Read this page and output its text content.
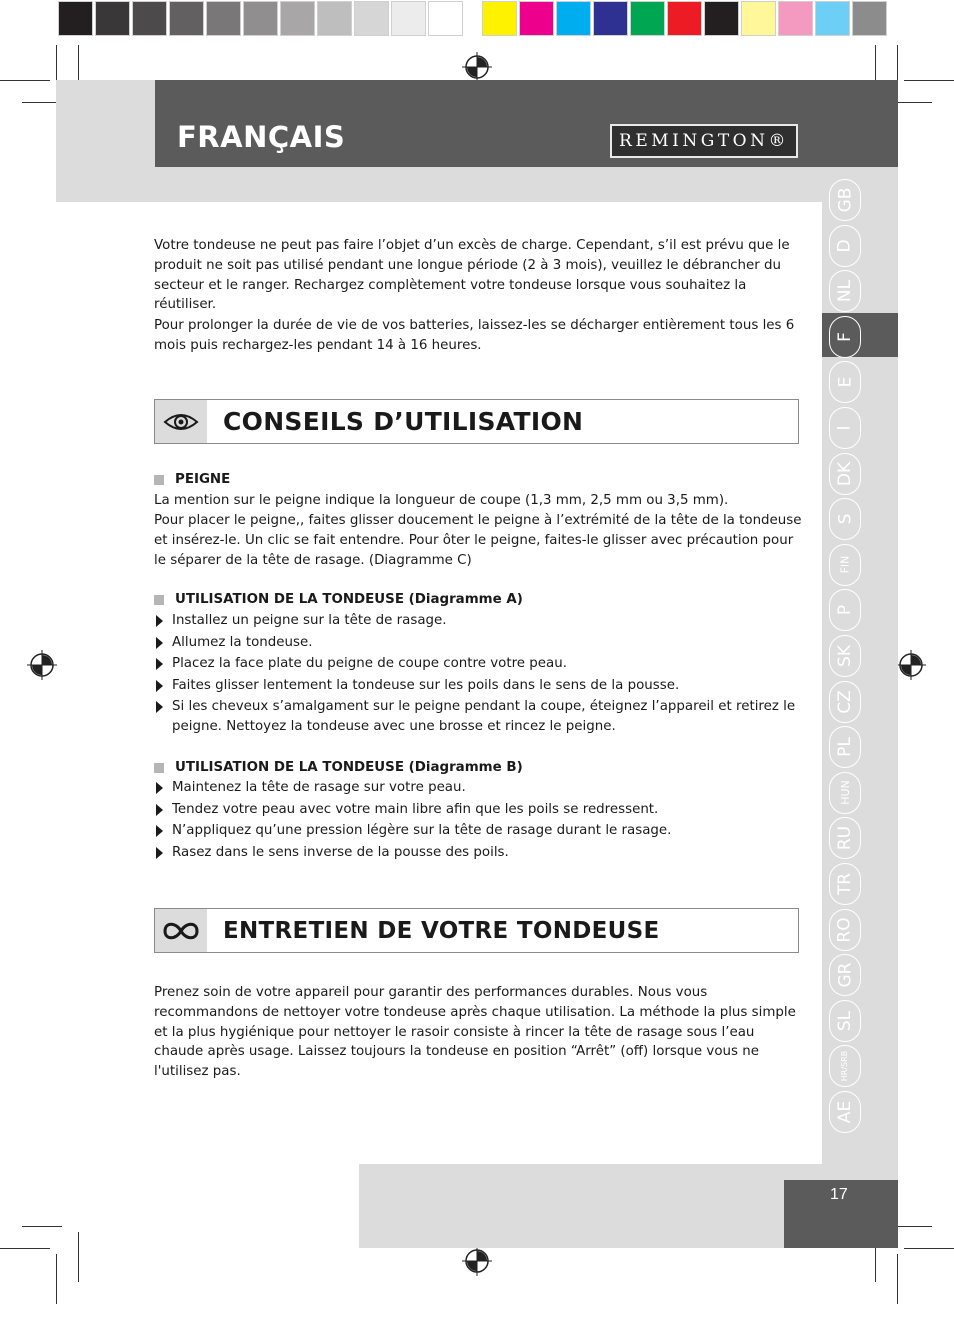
FRANÇAIS	REMINGTON®
GB
D
NL
F
E
I
DK
S
FIN
P
SK
CZ
PL
HUN
RU
TR
RO
GR
SL
HR/SRB
AE

Votre tondeuse ne peut pas faire l’objet d’un excès de charge. Cependant, s’il est prévu que le produit ne soit pas utilisé pendant une longue période (2 à 3 mois), veuillez le débrancher du secteur et le ranger. Rechargez complètement votre tondeuse lorsque vous souhaitez la réutiliser.

Pour prolonger la durée de vie de vos batteries, laissez-les se décharger entièrement tous les 6 mois puis rechargez-les pendant 14 à 16 heures.

CONSEILS D’UTILISATION
PEIGNE

La mention sur le peigne indique la longueur de coupe (1,3 mm, 2,5 mm ou 3,5 mm).

Pour placer le peigne,, faites glisser doucement le peigne à l’extrémité de la tête de la tondeuse et insérez-le. Un clic se fait entendre. Pour ôter le peigne, faites-le glisser avec précaution pour le séparer de la tête de rasage. (Diagramme C)

UTILISATION DE LA TONDEUSE (Diagramme A)
Installez un peigne sur la tête de rasage.
Allumez la tondeuse.
Placez la face plate du peigne de coupe contre votre peau.
Faites glisser lentement la tondeuse sur les poils dans le sens de la pousse.
Si les cheveux s’amalgament sur le peigne pendant la coupe, éteignez l’appareil et retirez le peigne. Nettoyez la tondeuse avec une brosse et rincez le peigne.
UTILISATION DE LA TONDEUSE (Diagramme B)
Maintenez la tête de rasage sur votre peau.
Tendez votre peau avec votre main libre afin que les poils se redressent.
N’appliquez qu’une pression légère sur la tête de rasage durant le rasage.
Rasez dans le sens inverse de la pousse des poils.
ENTRETIEN DE VOTRE TONDEUSE

Prenez soin de votre appareil pour garantir des performances durables. Nous vous recommandons de nettoyer votre tondeuse après chaque utilisation. La méthode la plus simple et la plus hygiénique pour nettoyer le rasoir consiste à rincer la tête de rasage sous l’eau chaude après usage. Laissez toujours la tondeuse en position “Arrêt” (off) lorsque vous ne l'utilisez pas.

17
